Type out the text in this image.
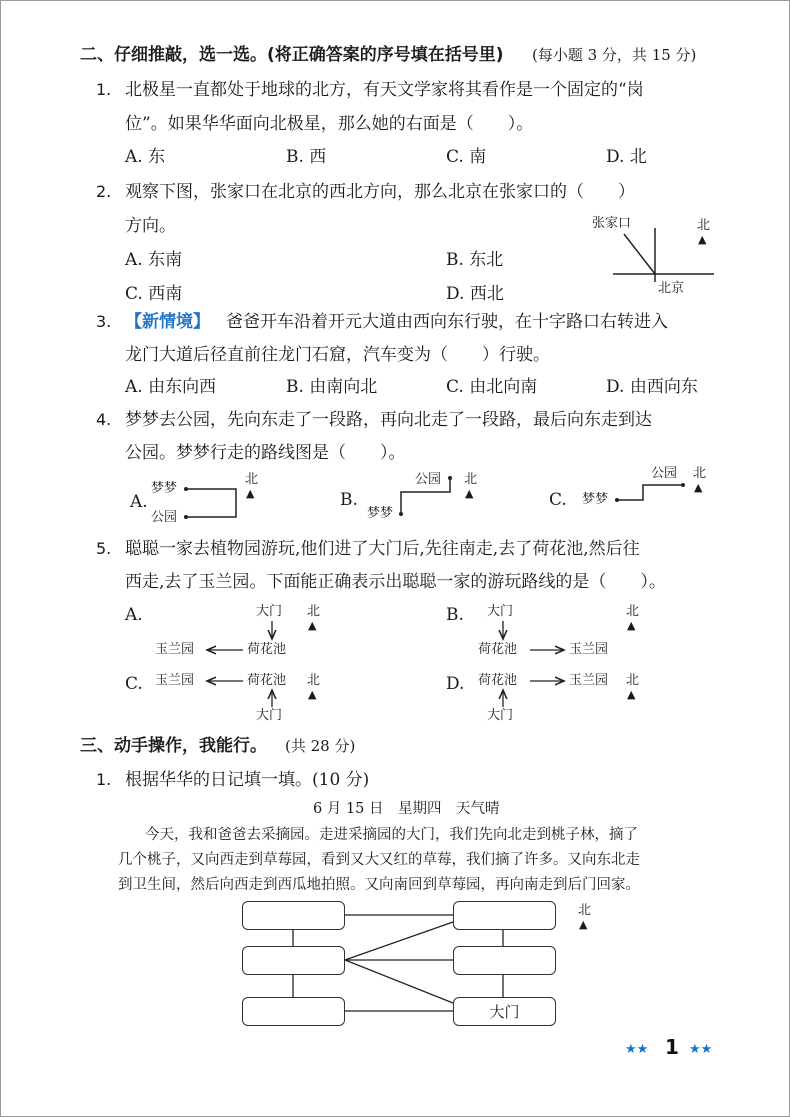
二、仔细推敲，选一选。(将正确答案的序号填在括号里) (每小题 3 分，共 15 分)
1. 北极星一直都处于地球的北方，有天文学家将其看作是一个固定的“岗
位”。如果华华面向北极星，那么她的右面是（　　）。
A. 东	B. 西	C. 南	D. 北
2. 观察下图，张家口在北京的西北方向，那么北京在张家口的（　　）
方向。
A. 东南	B. 东北
C. 西南	D. 西北
张家口
北京
北
▲
3. 【新情境】 爸爸开车沿着开元大道由西向东行驶，在十字路口右转进入
龙门大道后径直前往龙门石窟，汽车变为（　　）行驶。
A. 由东向西	B. 由南向北	C. 由北向南	D. 由西向东
4. 梦梦去公园，先向东走了一段路，再向北走了一段路，最后向东走到达
公园。梦梦行走的路线图是（　　）。
A.
梦梦
公园
北
▲	B.
梦梦
公园 北
▲	C. 梦梦
公园 北
▲
5. 聪聪一家去植物园游玩,他们进了大门后,先往南走,去了荷花池,然后往
西走,去了玉兰园。下面能正确表示出聪聪一家的游玩路线的是（　　）。
A.	大门
荷花池
玉兰园
北
▲
B. 大门
荷花池	玉兰园
北
▲
C. 玉兰园	荷花池
大门
北
▲
D. 荷花池	玉兰园
大门
北
▲
三、动手操作，我能行。 (共 28 分)
1. 根据华华的日记填一填。(10 分)
6 月 15 日　星期四　天气晴
今天，我和爸爸去采摘园。走进采摘园的大门，我们先向北走到桃子林，摘了
几个桃子，又向西走到草莓园，看到又大又红的草莓，我们摘了许多。又向东北走
到卫生间，然后向西走到西瓜地拍照。又向南回到草莓园，再向南走到后门回家。
大门
北
▲
★★ 1 ★★
